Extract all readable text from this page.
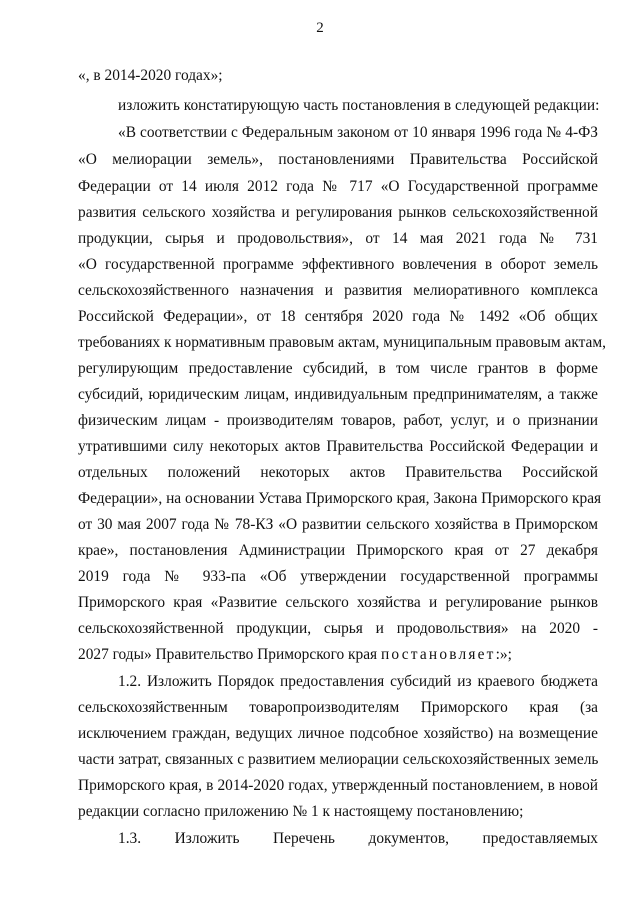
2
«, в 2014-2020 годах»;
изложить констатирующую часть постановления в следующей редакции:
«В соответствии с Федеральным законом от 10 января 1996 года № 4-ФЗ
«О мелиорации земель», постановлениями Правительства Российской
Федерации от 14 июля 2012 года № 717 «О Государственной программе
развития сельского хозяйства и регулирования рынков сельскохозяйственной
продукции, сырья и продовольствия», от 14 мая 2021 года № 731
«О государственной программе эффективного вовлечения в оборот земель
сельскохозяйственного назначения и развития мелиоративного комплекса
Российской Федерации», от 18 сентября 2020 года № 1492 «Об общих
требованиях к нормативным правовым актам, муниципальным правовым актам,
регулирующим предоставление субсидий, в том числе грантов в форме
субсидий, юридическим лицам, индивидуальным предпринимателям, а также
физическим лицам - производителям товаров, работ, услуг, и о признании
утратившими силу некоторых актов Правительства Российской Федерации и
отдельных положений некоторых актов Правительства Российской
Федерации», на основании Устава Приморского края, Закона Приморского края
от 30 мая 2007 года № 78-КЗ «О развитии сельского хозяйства в Приморском
крае», постановления Администрации Приморского края от 27 декабря
2019 года № 933-па «Об утверждении государственной программы
Приморского края «Развитие сельского хозяйства и регулирование рынков
сельскохозяйственной продукции, сырья и продовольствия» на 2020 -
2027 годы» Правительство Приморского края постановляет:»;
1.2. Изложить Порядок предоставления субсидий из краевого бюджета
сельскохозяйственным товаропроизводителям Приморского края (за
исключением граждан, ведущих личное подсобное хозяйство) на возмещение
части затрат, связанных с развитием мелиорации сельскохозяйственных земель
Приморского края, в 2014-2020 годах, утвержденный постановлением, в новой
редакции согласно приложению № 1 к настоящему постановлению;
1.3. Изложить Перечень документов, предоставляемых
